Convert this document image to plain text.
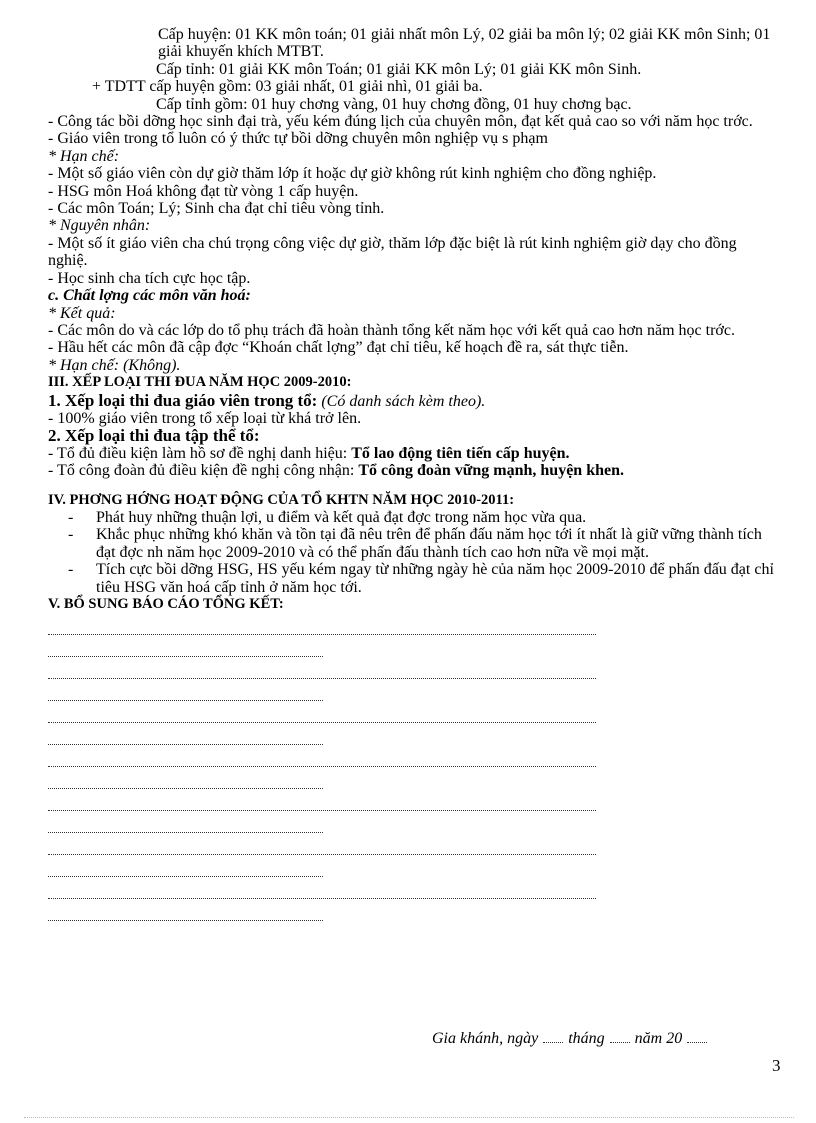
Cấp huyện: 01 KK môn toán; 01 giải nhất môn Lý, 02 giải ba môn lý; 02 giải KK môn Sinh; 01 giải khuyến khích MTBT.
Cấp tỉnh: 01 giải KK môn Toán; 01 giải KK môn Lý; 01 giải KK môn Sinh.
+ TDTT cấp huyện gồm: 03 giải nhất, 01 giải nhì, 01 giải ba.
Cấp tỉnh gồm: 01 huy chơng vàng, 01 huy chơng đồng, 01 huy chơng bạc.
- Công tác bồi dỡng học sinh đại trà, yếu kém đúng lịch của chuyên môn, đạt kết quả cao so với năm học trớc.
- Giáo viên trong tổ luôn có ý thức tự bồi dỡng chuyên môn nghiệp vụ s phạm
* Hạn chế:
- Một số giáo viên còn dự giờ thăm lớp ít hoặc dự giờ không rút kinh nghiệm cho đồng nghiệp.
- HSG môn Hoá không đạt từ vòng 1 cấp huyện.
- Các môn Toán; Lý; Sinh cha đạt chỉ tiêu vòng tỉnh.
* Nguyên nhân:
- Một số ít giáo viên cha chú trọng công việc dự giờ, thăm lớp đặc biệt là rút kinh nghiệm giờ dạy cho đồng nghiệ.
- Học sinh cha tích cực học tập.
c. Chất lợng các môn văn hoá:
* Kết quả:
- Các môn do và các lớp do tổ phụ trách đã hoàn thành tổng kết năm học với kết quả cao hơn năm học trớc.
- Hầu hết các môn đã cập đợc “Khoán chất lợng” đạt chỉ tiêu, kế hoạch đề ra, sát thực tiễn.
* Hạn chế: (Không).
III. XẾP LOẠI THI ĐUA NĂM HỌC 2009-2010:
1. Xếp loại thi đua giáo viên trong tổ: (Có danh sách kèm theo).
- 100% giáo viên trong tổ xếp loại từ khá trở lên.
2. Xếp loại thi đua tập thể tổ:
- Tổ đủ điều kiện làm hồ sơ đề nghị danh hiệu: Tổ lao động tiên tiến cấp huyện.
- Tổ công đoàn đủ điều kiện đề nghị công nhận: Tổ công đoàn vững mạnh, huyện khen.
IV. PHƠNG HỚNG HOẠT ĐỘNG CỦA TỔ KHTN NĂM HỌC 2010-2011:
-	Phát huy những thuận lợi, u điểm và kết quả đạt đợc trong năm học vừa qua.
-	Khắc phục những khó khăn và tồn tại đã nêu trên để phấn đấu năm học tới ít nhất là giữ vững thành tích đạt đợc nh năm học 2009-2010 và có thể phấn đấu thành tích cao hơn nữa về mọi mặt.
-	Tích cực bồi dỡng HSG, HS yếu kém ngay từ những ngày hè của năm học 2009-2010 để phấn đấu đạt chỉ tiêu HSG văn hoá cấp tỉnh ở năm học tới.
V. BỔ SUNG BÁO CÁO TỔNG KẾT:
Gia khánh, ngày tháng năm 20
3
